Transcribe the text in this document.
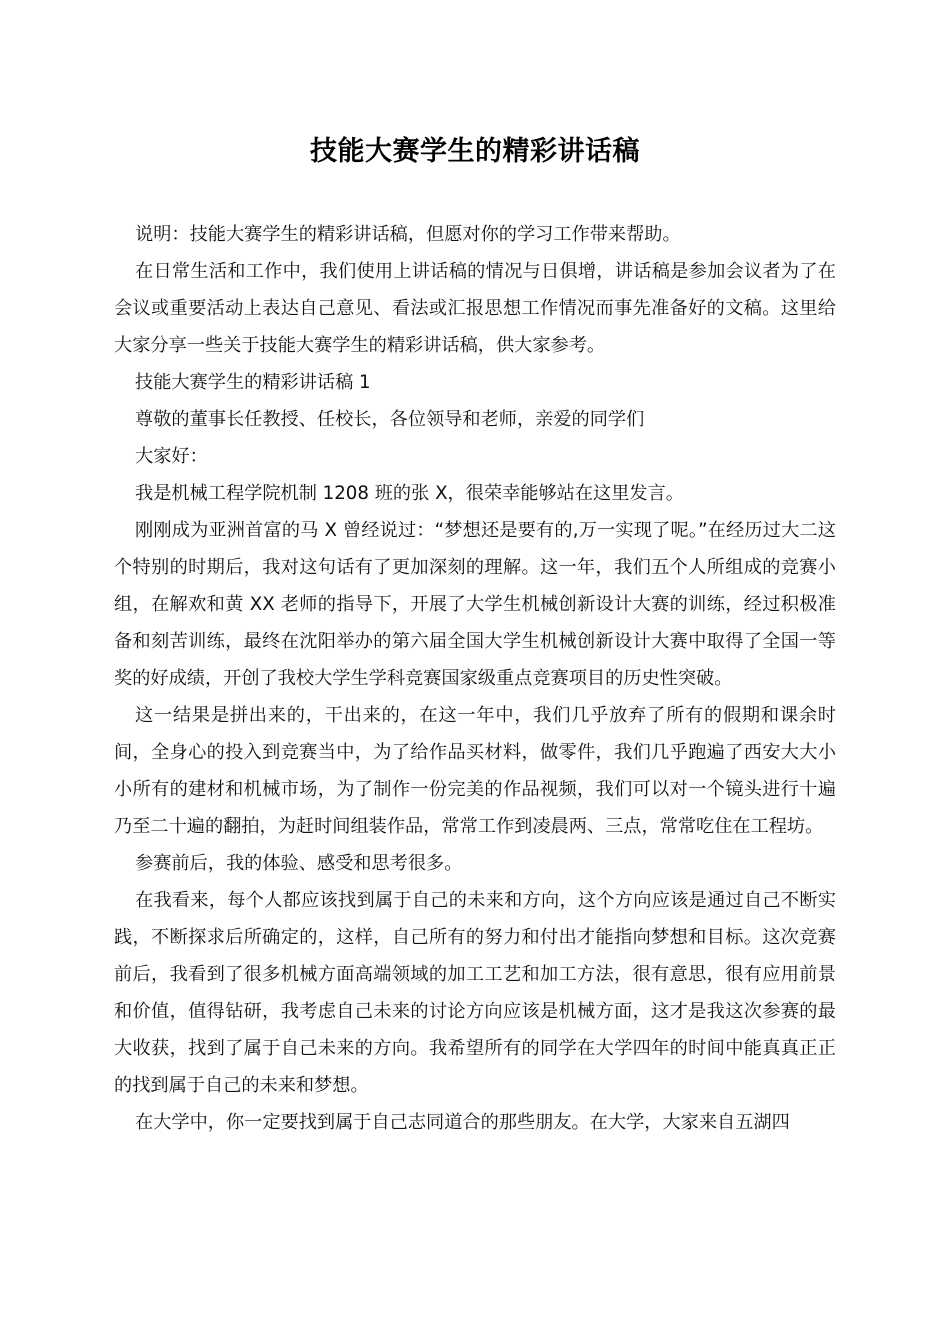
技能大赛学生的精彩讲话稿

说明：技能大赛学生的精彩讲话稿，但愿对你的学习工作带来帮助。

在日常生活和工作中，我们使用上讲话稿的情况与日俱增，讲话稿是参加会议者为了在会议或重要活动上表达自己意见、看法或汇报思想工作情况而事先准备好的文稿。这里给大家分享一些关于技能大赛学生的精彩讲话稿，供大家参考。

技能大赛学生的精彩讲话稿 1

尊敬的董事长任教授、任校长，各位领导和老师，亲爱的同学们

大家好：

我是机械工程学院机制 1208 班的张 X，很荣幸能够站在这里发言。

刚刚成为亚洲首富的马 X 曾经说过：“梦想还是要有的,万一实现了呢。”在经历过大二这个特别的时期后，我对这句话有了更加深刻的理解。这一年，我们五个人所组成的竞赛小组，在解欢和黄 XX 老师的指导下，开展了大学生机械创新设计大赛的训练，经过积极准备和刻苦训练，最终在沈阳举办的第六届全国大学生机械创新设计大赛中取得了全国一等奖的好成绩，开创了我校大学生学科竞赛国家级重点竞赛项目的历史性突破。

这一结果是拼出来的，干出来的，在这一年中，我们几乎放弃了所有的假期和课余时间，全身心的投入到竞赛当中，为了给作品买材料，做零件，我们几乎跑遍了西安大大小小所有的建材和机械市场，为了制作一份完美的作品视频，我们可以对一个镜头进行十遍乃至二十遍的翻拍，为赶时间组装作品，常常工作到凌晨两、三点，常常吃住在工程坊。

参赛前后，我的体验、感受和思考很多。

在我看来，每个人都应该找到属于自己的未来和方向，这个方向应该是通过自己不断实践，不断探求后所确定的，这样，自己所有的努力和付出才能指向梦想和目标。这次竞赛前后，我看到了很多机械方面高端领域的加工工艺和加工方法，很有意思，很有应用前景和价值，值得钻研，我考虑自己未来的讨论方向应该是机械方面，这才是我这次参赛的最大收获，找到了属于自己未来的方向。我希望所有的同学在大学四年的时间中能真真正正的找到属于自己的未来和梦想。

在大学中，你一定要找到属于自己志同道合的那些朋友。在大学，大家来自五湖四
